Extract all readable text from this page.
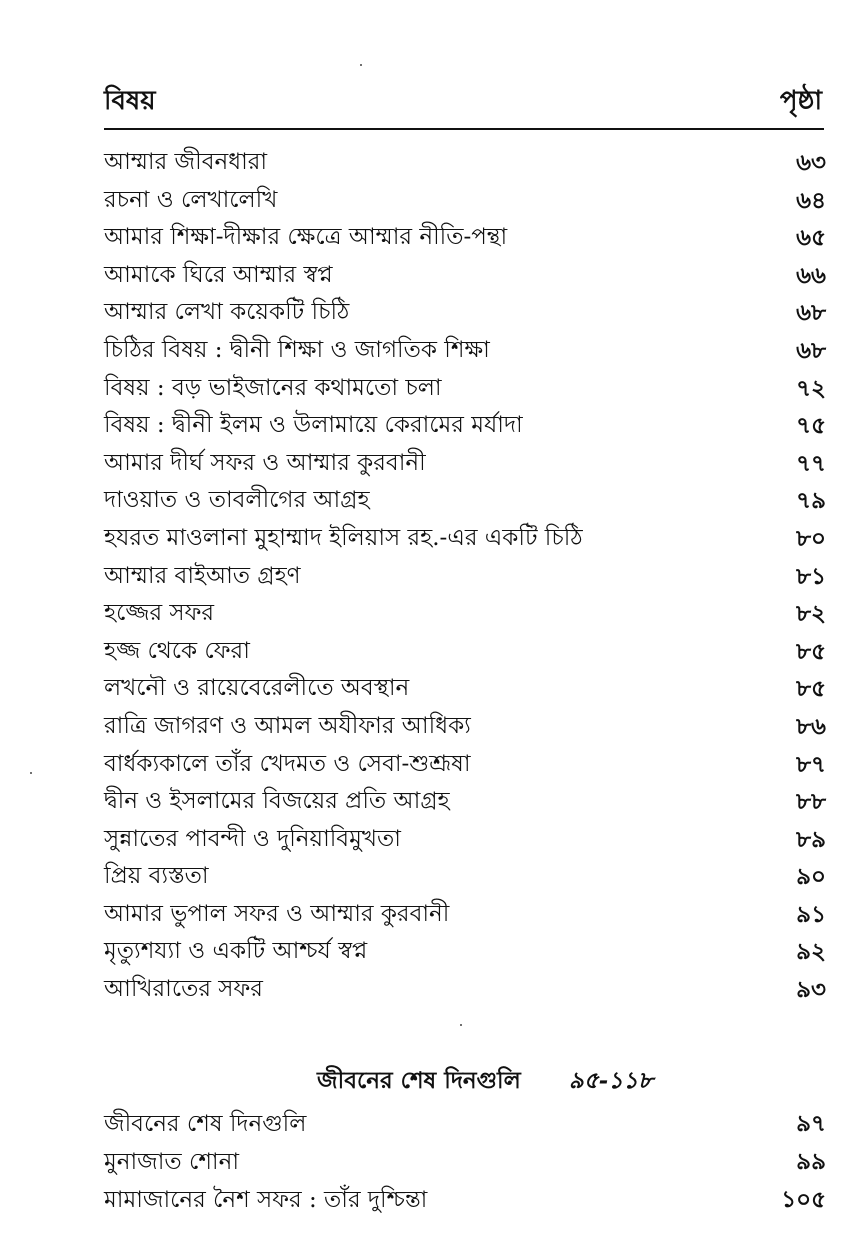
বিষয়	পৃষ্ঠা
আম্মার জীবনধারা	৬৩
রচনা ও লেখালেখি	৬৪
আমার শিক্ষা-দীক্ষার ক্ষেত্রে আম্মার নীতি-পন্থা	৬৫
আমাকে ঘিরে আম্মার স্বপ্ন	৬৬
আম্মার লেখা কয়েকটি চিঠি	৬৮
চিঠির বিষয় : দ্বীনী শিক্ষা ও জাগতিক শিক্ষা	৬৮
বিষয় : বড় ভাইজানের কথামতো চলা	৭২
বিষয় : দ্বীনী ইলম ও উলামায়ে কেরামের মর্যাদা	৭৫
আমার দীর্ঘ সফর ও আম্মার কুরবানী	৭৭
দাওয়াত ও তাবলীগের আগ্রহ	৭৯
হযরত মাওলানা মুহাম্মাদ ইলিয়াস রহ.-এর একটি চিঠি	৮০
আম্মার বাইআত গ্রহণ	৮১
হজ্জের সফর	৮২
হজ্জ থেকে ফেরা	৮৫
লখনৌ ও রায়েবেরেলীতে অবস্থান	৮৫
রাত্রি জাগরণ ও আমল অযীফার আধিক্য	৮৬
বার্ধক্যকালে তাঁর খেদমত ও সেবা-শুশ্রূষা	৮৭
দ্বীন ও ইসলামের বিজয়ের প্রতি আগ্রহ	৮৮
সুন্নাতের পাবন্দী ও দুনিয়াবিমুখতা	৮৯
প্রিয় ব্যস্ততা	৯০
আমার ভুপাল সফর ও আম্মার কুরবানী	৯১
মৃত্যুশয্যা ও একটি আশ্চর্য স্বপ্ন	৯২
আখিরাতের সফর	৯৩
জীবনের শেষ দিনগুলি ৯৫-১১৮
জীবনের শেষ দিনগুলি	৯৭
মুনাজাত শোনা	৯৯
মামাজানের নৈশ সফর : তাঁর দুশ্চিন্তা	১০৫
